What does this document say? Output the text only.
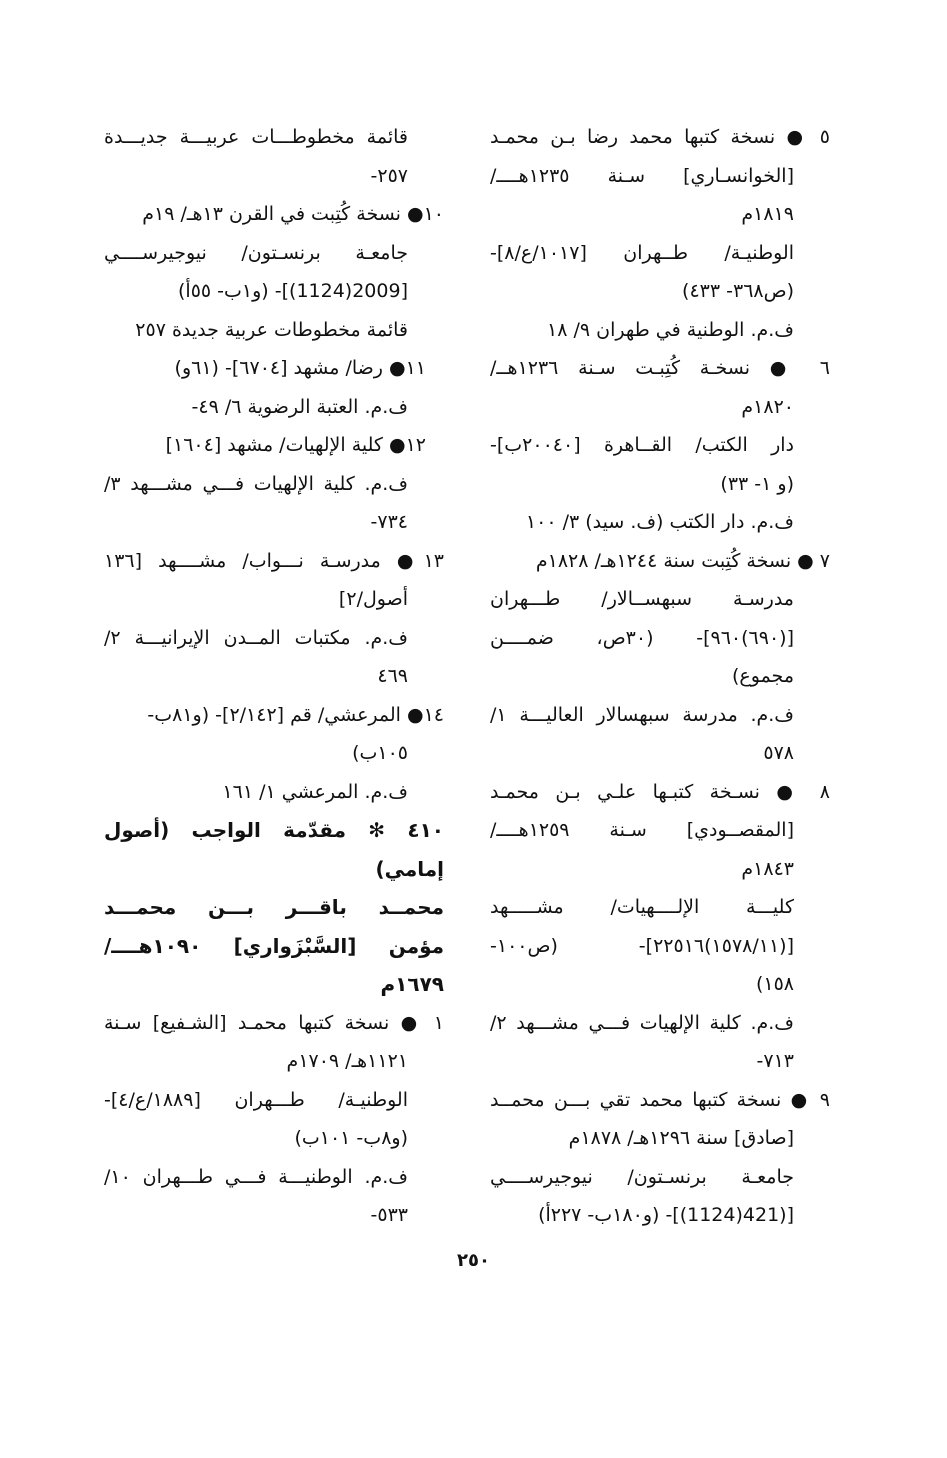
٥ ● نسخة كتبها محمد رضا بـن محمـد
[الخوانسـاري] سـنة ١٢٣٥هــــ/
١٨١٩م
الوطنيـة/ طــهران [١٠١٧/ع/٨]-
(ص٣٦٨- ٤٣٣)
ف.م. الوطنية في طهران ٩/ ١٨
٦ ● نسخـة كُتِبـت سـنة ١٢٣٦هــ/
١٨٢٠م
دار الكتب/ القــاهرة [٢٠٠٤٠ب]-
(و ١- ٣٣)
ف.م. دار الكتب (ف. سيد) ٣/ ١٠٠
٧ ● نسخة كُتِبت سنة ١٢٤٤هـ/ ١٨٢٨م
مدرسـة سبهســالار/ طـــهران
[(٦٩٠)٩٦٠]- (٣٠ص، ضمــــن
مجموع)
ف.م. مدرسة سبهسالار العاليـــة ١/
٥٧٨
٨ ● نسـخة كتبـها علـي بـن محمـد
[المقصــودي] سـنة ١٢٥٩هــــ/
١٨٤٣م
كليـــة الإلــــهيات/ مشـــــهد
[(١٥٧٨/١١)٢٢٥١٦]- (ص١٠٠-
١٥٨)
ف.م. كلية الإلهيات فـــي مشـــهد ٢/
٧١٣-
٩ ● نسخة كتبها محمد تقي بـــن محمــد
[صادق] سنة ١٢٩٦هـ/ ١٨٧٨م
جامعـة برنسـتون/ نيوجيرســــي
[(421(1124)]- (و١٨٠ب- ٢٢٧أ)
قائمة مخطوطـــات عربيـــة جديـــدة
٢٥٧-
١٠● نسخة كُتِبت في القرن ١٣هـ/ ١٩م
جامعـة برنسـتون/ نيوجيرســــي
[2009(1124)]- (و١ب- ٥٥أ)
قائمة مخطوطات عربية جديدة ٢٥٧
١١● رضا/ مشهد [٦٧٠٤]- (٦١و)
ف.م. العتبة الرضوية ٦/ ٤٩-
١٢● كلية الإلهيات/ مشهد [١٦٠٤]
ف.م. كلية الإلهيات فـــي مشـــهد ٣/
٧٣٤-
١٣● مدرسـة نـــواب/ مشــــهد [١٣٦
أصول/٢]
ف.م. مكتبات المــدن الإيرانيـــة ٢/
٤٦٩
١٤● المرعشي/ قم [٢/١٤٢]- (و٨١ب-
١٠٥ب)
ف.م. المرعشي ١/ ١٦١
٤١٠ ✻ مقدّمة الواجب (أصول
إمامي)
محمــد باقـــر بـــن محمـــد
مؤمن [السَّبْزَواري] ١٠٩٠هــــ/
١٦٧٩م
١ ● نسخة كتبها محمـد [الشـفيع] سـنة
١١٢١هـ/ ١٧٠٩م
الوطنيـة/ طـــهران [١٨٨٩/ع/٤]-
(و٨ب- ١٠١ب)
ف.م. الوطنيـــة فـــي طـــهران ١٠/
٥٣٣-
٢٥٠
